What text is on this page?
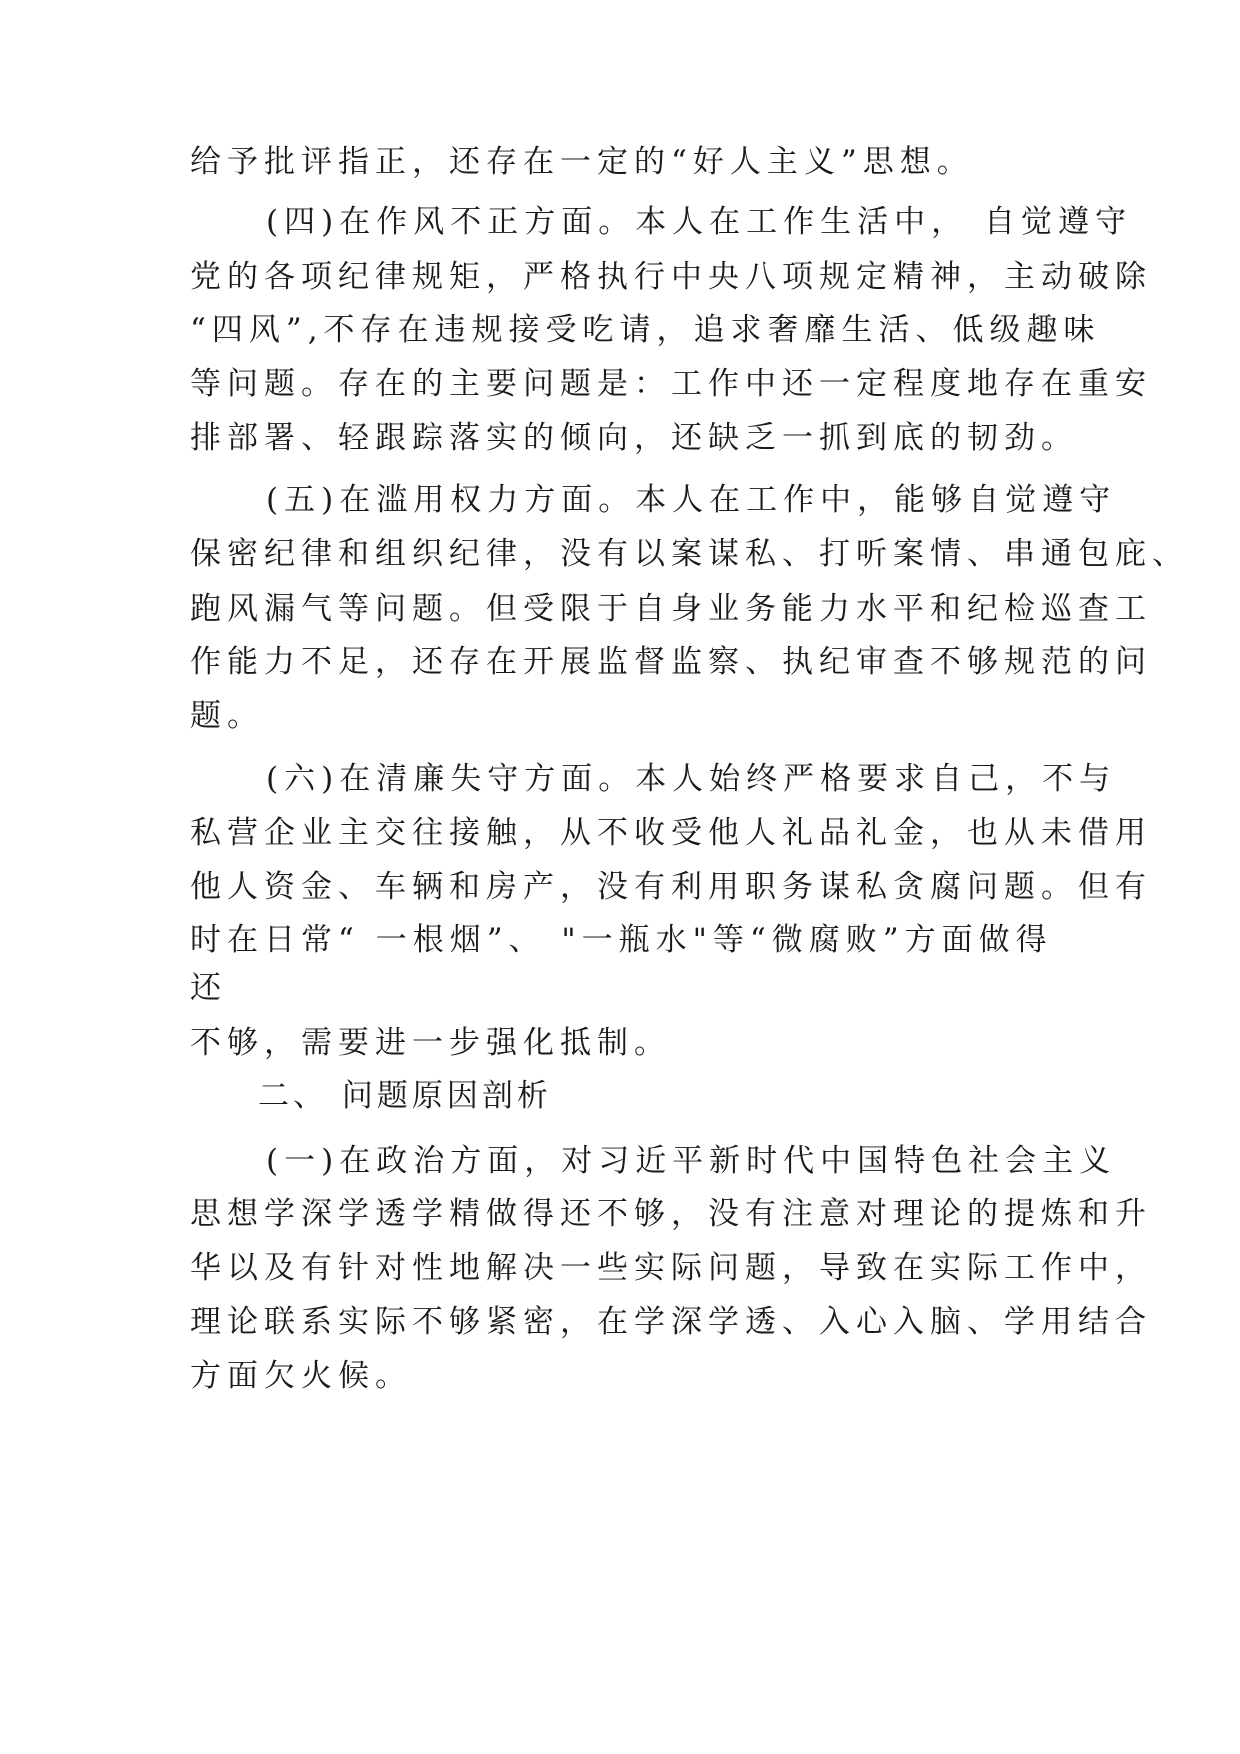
给予批评指正，还存在一定的“好人主义”思想。

(四)在作风不正方面。本人在工作生活中， 自觉遵守

党的各项纪律规矩，严格执行中央八项规定精神，主动破除

“四风”,不存在违规接受吃请，追求奢靡生活、低级趣味

等问题。存在的主要问题是：工作中还一定程度地存在重安

排部署、轻跟踪落实的倾向，还缺乏一抓到底的韧劲。

(五)在滥用权力方面。本人在工作中，能够自觉遵守

保密纪律和组织纪律，没有以案谋私、打听案情、串通包庇、

跑风漏气等问题。但受限于自身业务能力水平和纪检巡查工

作能力不足，还存在开展监督监察、执纪审查不够规范的问

题。

(六)在清廉失守方面。本人始终严格要求自己，不与

私营企业主交往接触，从不收受他人礼品礼金，也从未借用

他人资金、车辆和房产，没有利用职务谋私贪腐问题。但有

时在日常“ 一根烟”、 "一瓶水"等“微腐败”方面做得

还

不够，需要进一步强化抵制。

二、 问题原因剖析

(一)在政治方面，对习近平新时代中国特色社会主义

思想学深学透学精做得还不够，没有注意对理论的提炼和升

华以及有针对性地解决一些实际问题，导致在实际工作中，

理论联系实际不够紧密，在学深学透、入心入脑、学用结合

方面欠火候。
